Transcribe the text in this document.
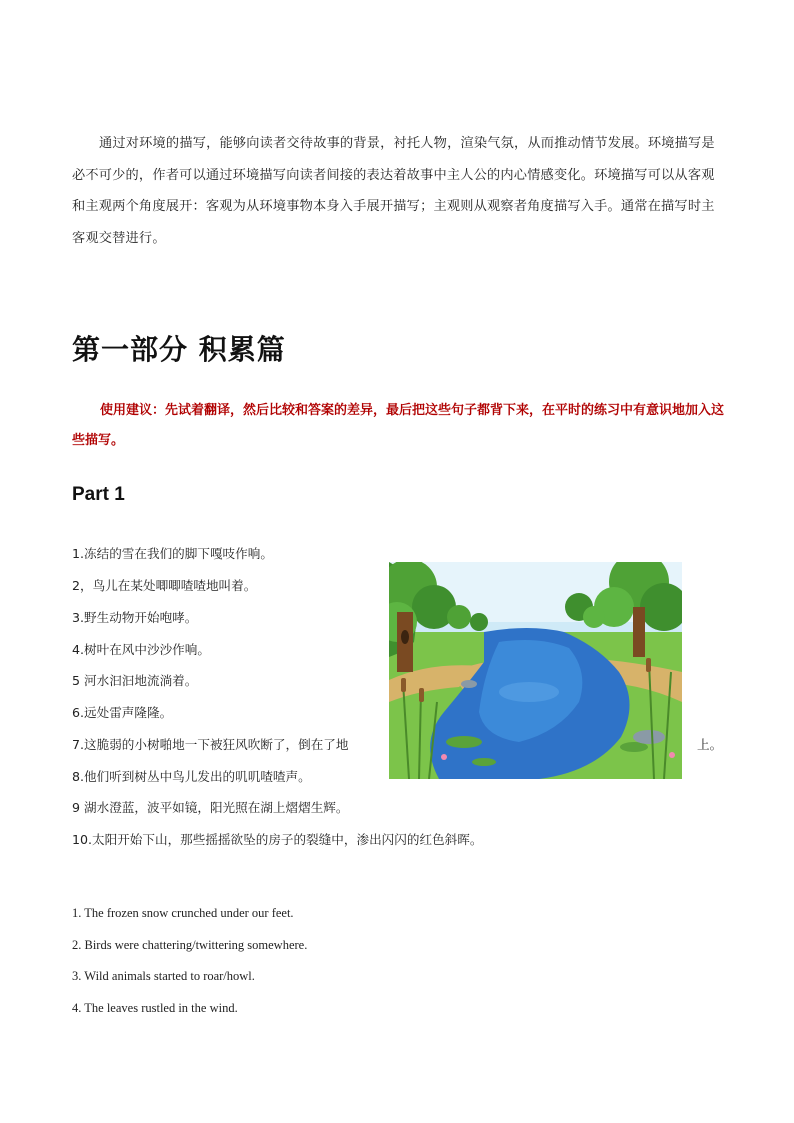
通过对环境的描写，能够向读者交待故事的背景，衬托人物，渲染气氛，从而推动情节发展。环境描写是必不可少的，作者可以通过环境描写向读者间接的表达着故事中主人公的内心情感变化。环境描写可以从客观和主观两个角度展开：客观为从环境事物本身入手展开描写；主观则从观察者角度描写入手。通常在描写时主客观交替进行。
第一部分 积累篇
使用建议：先试着翻译，然后比较和答案的差异，最后把这些句子都背下来，在平时的练习中有意识地加入这些描写。
Part 1
1.冻结的雪在我们的脚下嘎吱作响。
2，鸟儿在某处唧唧喳喳地叫着。
3.野生动物开始咆哮。
4.树叶在风中沙沙作响。
5 河水汩汩地流淌着。
6.远处雷声隆隆。
7.这脆弱的小树啪地一下被狂风吹断了，倒在了地	上。
8.他们听到树丛中鸟儿发出的叽叽喳喳声。
9 湖水澄蓝，波平如镜，阳光照在湖上熠熠生辉。
10.太阳开始下山，那些摇摇欲坠的房子的裂缝中，渗出闪闪的红色斜晖。
1. The frozen snow crunched under our feet.
2. Birds were chattering/twittering somewhere.
3. Wild animals started to roar/howl.
4. The leaves rustled in the wind.
